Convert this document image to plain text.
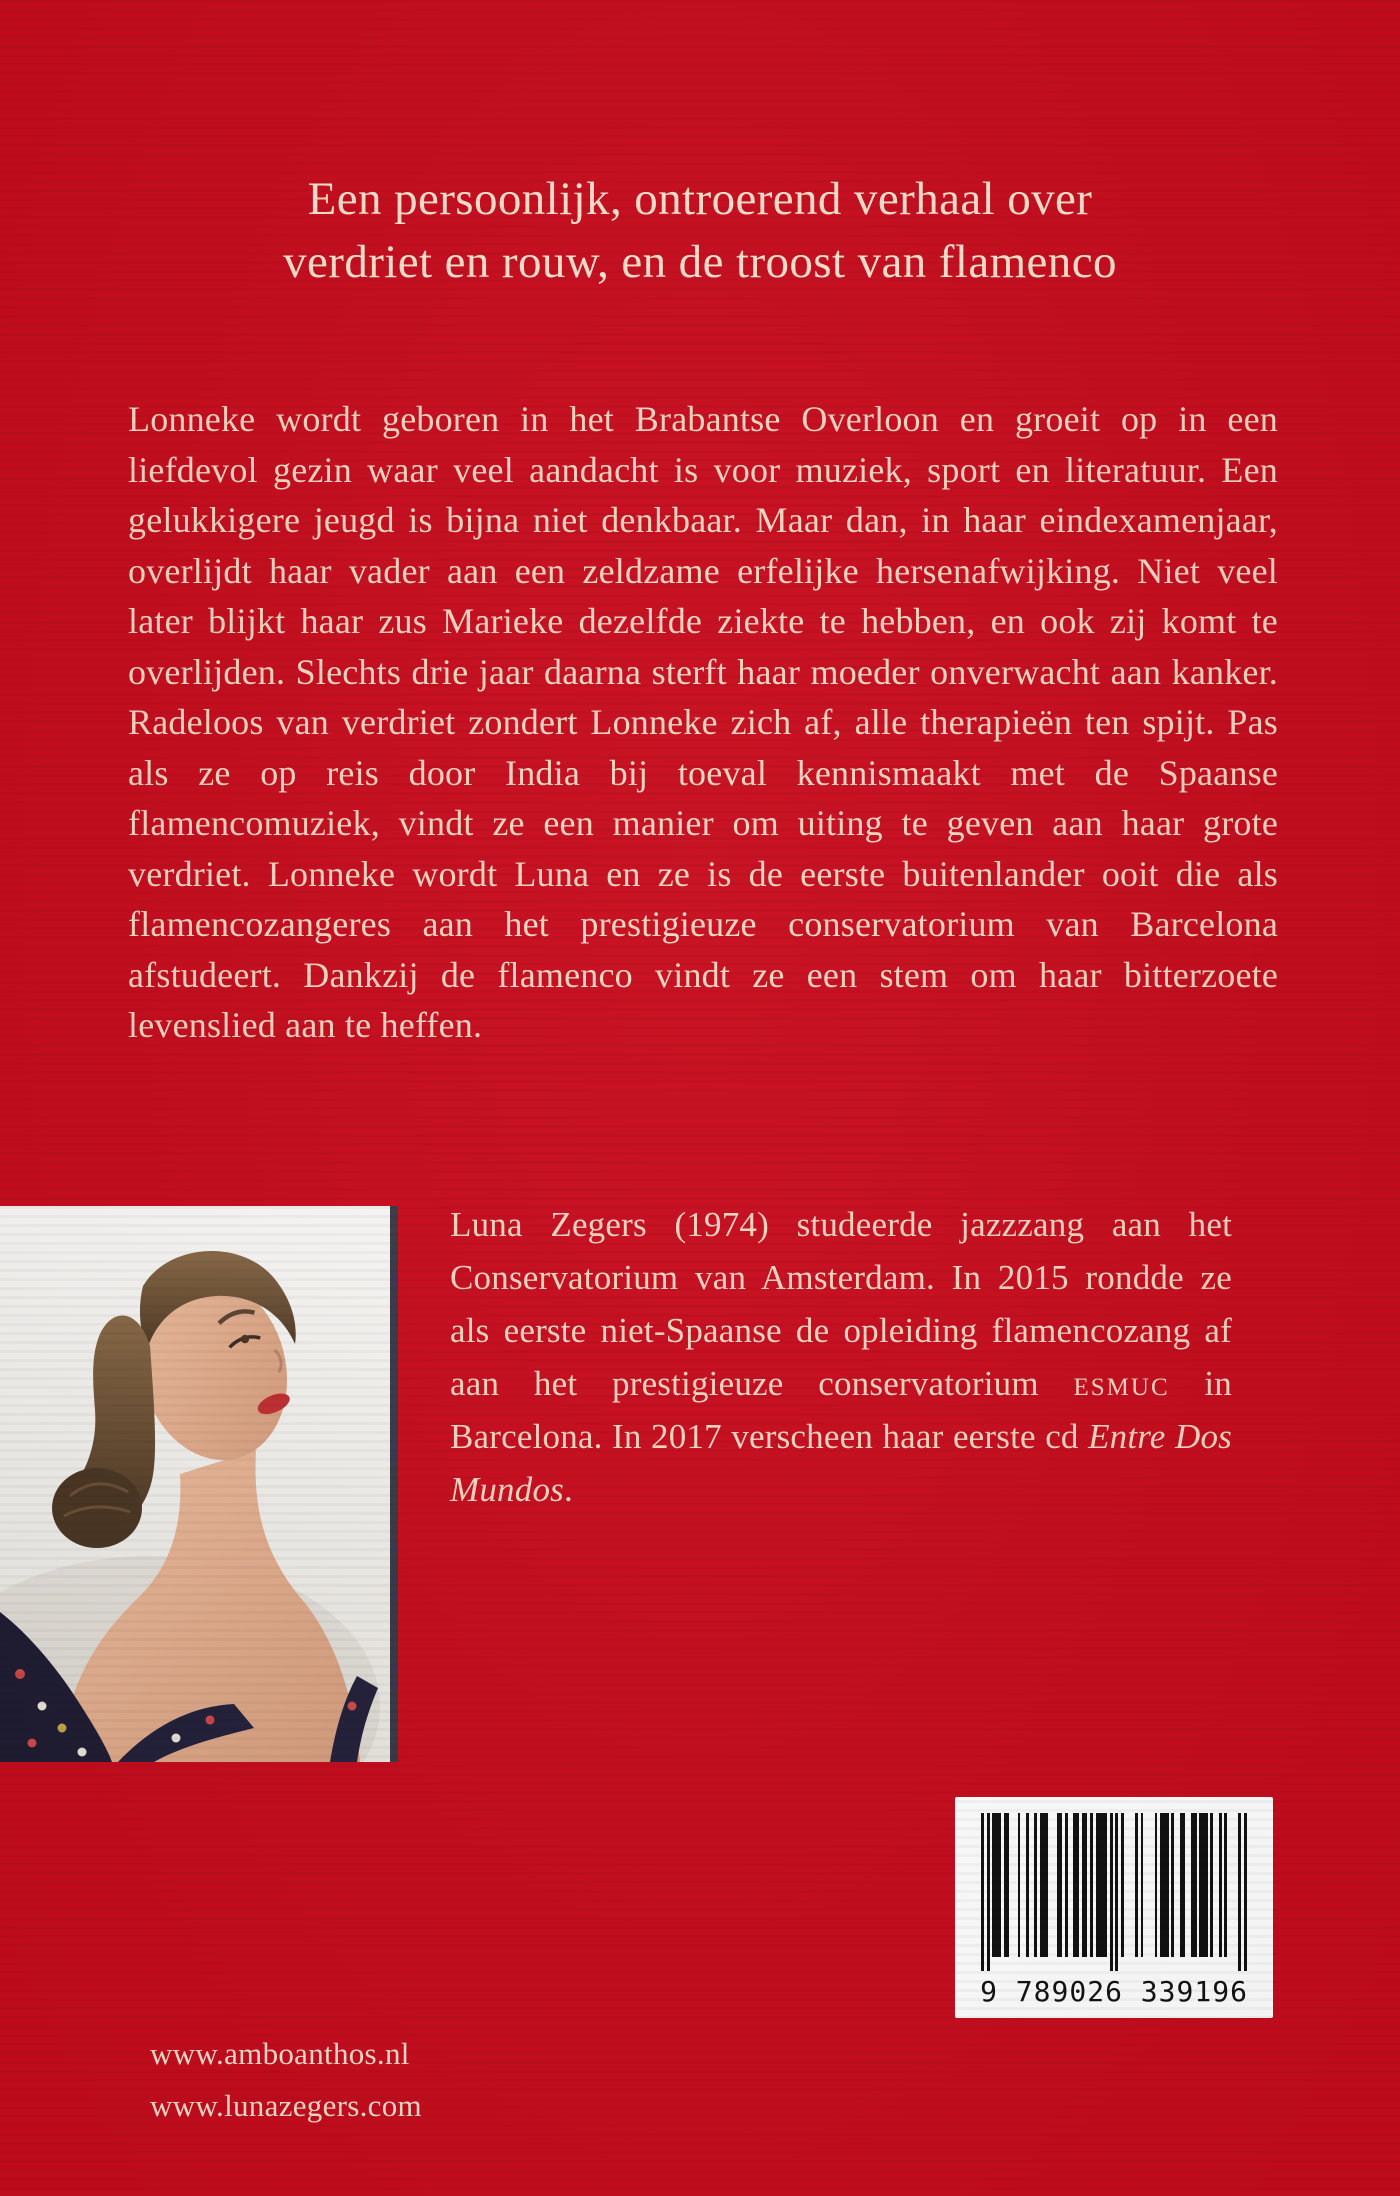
Een persoonlijk, ontroerend verhaal over
verdriet en rouw, en de troost van flamenco

Lonneke wordt geboren in het Brabantse Overloon en groeit op in een liefdevol gezin waar veel aandacht is voor muziek, sport en literatuur. Een gelukkigere jeugd is bijna niet denkbaar. Maar dan, in haar eindexamenjaar, overlijdt haar vader aan een zeldzame erfelijke hersenafwijking. Niet veel later blijkt haar zus Marieke dezelfde ziekte te hebben, en ook zij komt te overlijden. Slechts drie jaar daarna sterft haar moeder onverwacht aan kanker. Radeloos van verdriet zondert Lonneke zich af, alle therapieën ten spijt. Pas als ze op reis door India bij toeval kennismaakt met de Spaanse flamencomuziek, vindt ze een manier om uiting te geven aan haar grote verdriet. Lonneke wordt Luna en ze is de eerste buitenlander ooit die als flamencozangeres aan het prestigieuze conservatorium van Barcelona afstudeert. Dankzij de flamenco vindt ze een stem om haar bitterzoete levenslied aan te heffen.

Luna Zegers (1974) studeerde jazzzang aan het Conservatorium van Amsterdam. In 2015 rondde ze als eerste niet-Spaanse de opleiding flamencozang af aan het prestigieuze conservatorium esmuc in Barcelona. In 2017 verscheen haar eerste cd Entre Dos Mundos.

www.amboanthos.nl
www.lunazegers.com
9 789026 339196
